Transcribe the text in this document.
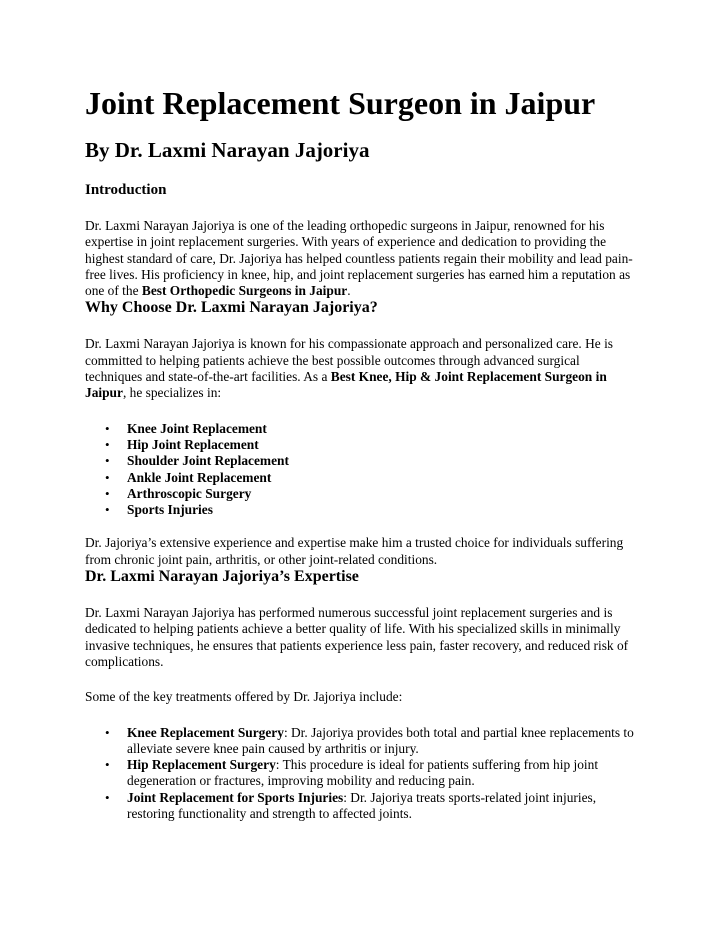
Joint Replacement Surgeon in Jaipur
By Dr. Laxmi Narayan Jajoriya
Introduction

Dr. Laxmi Narayan Jajoriya is one of the leading orthopedic surgeons in Jaipur, renowned for his expertise in joint replacement surgeries. With years of experience and dedication to providing the highest standard of care, Dr. Jajoriya has helped countless patients regain their mobility and lead pain-free lives. His proficiency in knee, hip, and joint replacement surgeries has earned him a reputation as one of the Best Orthopedic Surgeons in Jaipur.

Why Choose Dr. Laxmi Narayan Jajoriya?

Dr. Laxmi Narayan Jajoriya is known for his compassionate approach and personalized care. He is committed to helping patients achieve the best possible outcomes through advanced surgical techniques and state-of-the-art facilities. As a Best Knee, Hip & Joint Replacement Surgeon in Jaipur, he specializes in:

• Knee Joint Replacement
• Hip Joint Replacement
• Shoulder Joint Replacement
• Ankle Joint Replacement
• Arthroscopic Surgery
• Sports Injuries

Dr. Jajoriya’s extensive experience and expertise make him a trusted choice for individuals suffering from chronic joint pain, arthritis, or other joint-related conditions.

Dr. Laxmi Narayan Jajoriya’s Expertise

Dr. Laxmi Narayan Jajoriya has performed numerous successful joint replacement surgeries and is dedicated to helping patients achieve a better quality of life. With his specialized skills in minimally invasive techniques, he ensures that patients experience less pain, faster recovery, and reduced risk of complications.

Some of the key treatments offered by Dr. Jajoriya include:

• Knee Replacement Surgery: Dr. Jajoriya provides both total and partial knee replacements to alleviate severe knee pain caused by arthritis or injury.
• Hip Replacement Surgery: This procedure is ideal for patients suffering from hip joint degeneration or fractures, improving mobility and reducing pain.
• Joint Replacement for Sports Injuries: Dr. Jajoriya treats sports-related joint injuries, restoring functionality and strength to affected joints.
